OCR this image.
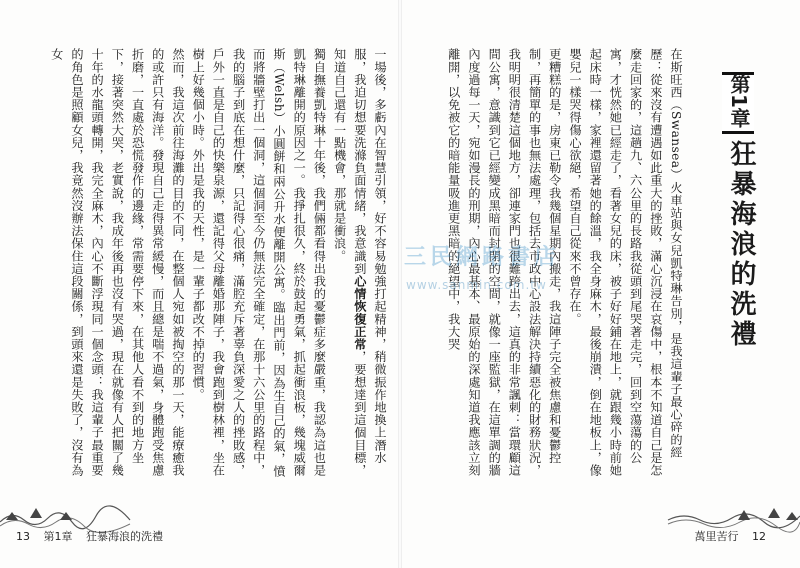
一場後，多虧內在智慧引領，好不容易勉強打起精神，稍微振作地換上潛水服，我迫切想要洗滌負面情緒，我意識到心情恢復正常，要想達到這個目標，知道自己還有一點機會，那就是衝浪。
獨自撫養凱特琳十年後，我們倆都看得出我的憂鬱症多麼嚴重，我認為這也是凱特琳離開的原因之一。我掙扎很久，終於鼓起勇氣，抓起衝浪板，幾塊威爾斯（Welsh）小圓餅和兩公升水便離開公寓。臨出門前，因為生自己的氣，憤而將牆壁打出一個洞，這個洞至今仍無法完全確定，在那十六公里的路程中，我的腦子到底在想什麼，只記得心很痛，滿腔充斥著辜負深愛之人的挫敗感，戶外一直是自己的快樂泉源，還記得父母離婚那陣子，我會跑到樹林裡，坐在樹上好幾個小時。外出是我的天性，是一輩子都改不掉的習慣。
然而，我這次前往海灘的目的不同，在整個人宛如被掏空的那一天，能療癒我的或許只有海洋。發現自己走得異常緩慢，而且總是喘不過氣，身體跑受焦慮折磨，一直處於恐慌發作的邊緣，常需要停下來，在其他人看不到的地方坐下，接著突然大哭，老實說，我成年後再也沒有哭過，現在就像有人把關了幾十年的水龍頭轉開，我完全麻木，內心不斷浮現同一個念頭：我這輩子最重要的角色是照顧女兒，我竟然沒辦法保住這段關係，到頭來還是失敗了，沒有為女	在斯旺西（Swansea）火車站與女兒凱特琳告別，是我這輩子最心碎的經歷：從來沒有遭遇如此重大的挫敗，滿心沉浸在哀傷中，根本不知道自己是怎麼走回家的，這趟九、六公里的長路我從頭到尾哭著走完，回到空蕩蕩的公寓，才恍然她已經走了，看著女兒的床，被子好好鋪在地上，就跟幾小時前她起床時一樣，家裡還留著她的餘溫，我全身麻木，最後崩潰，倒在地板上，像嬰兒一樣哭得傷心欲絕，希望自己從來不曾存在。
更糟糕的是，房東已勒令我幾個星期內搬走，我這陣子完全被焦慮和憂鬱控制，再簡單的事也無法處理，包括去市政中心設法解決持續惡化的財務狀況，我明明很清楚這個地方，卻連家門也很難跨出去，這真的非常諷刺：當環顧這間公寓，意識到它已經變成黑暗而封閉的空間，就像一座監獄，在這單調的牆內度過每一天，宛如漫長的刑期，內心最基本、最原始的深處知道我應該立刻離開，以免被它的暗能量吸進更黑暗的絕望中，我大哭	第1章
狂暴海浪的洗禮
三民網路書店
www.sanmin.com.tw
13 第1章 狂暴海浪的洗禮	萬里苦行 12
